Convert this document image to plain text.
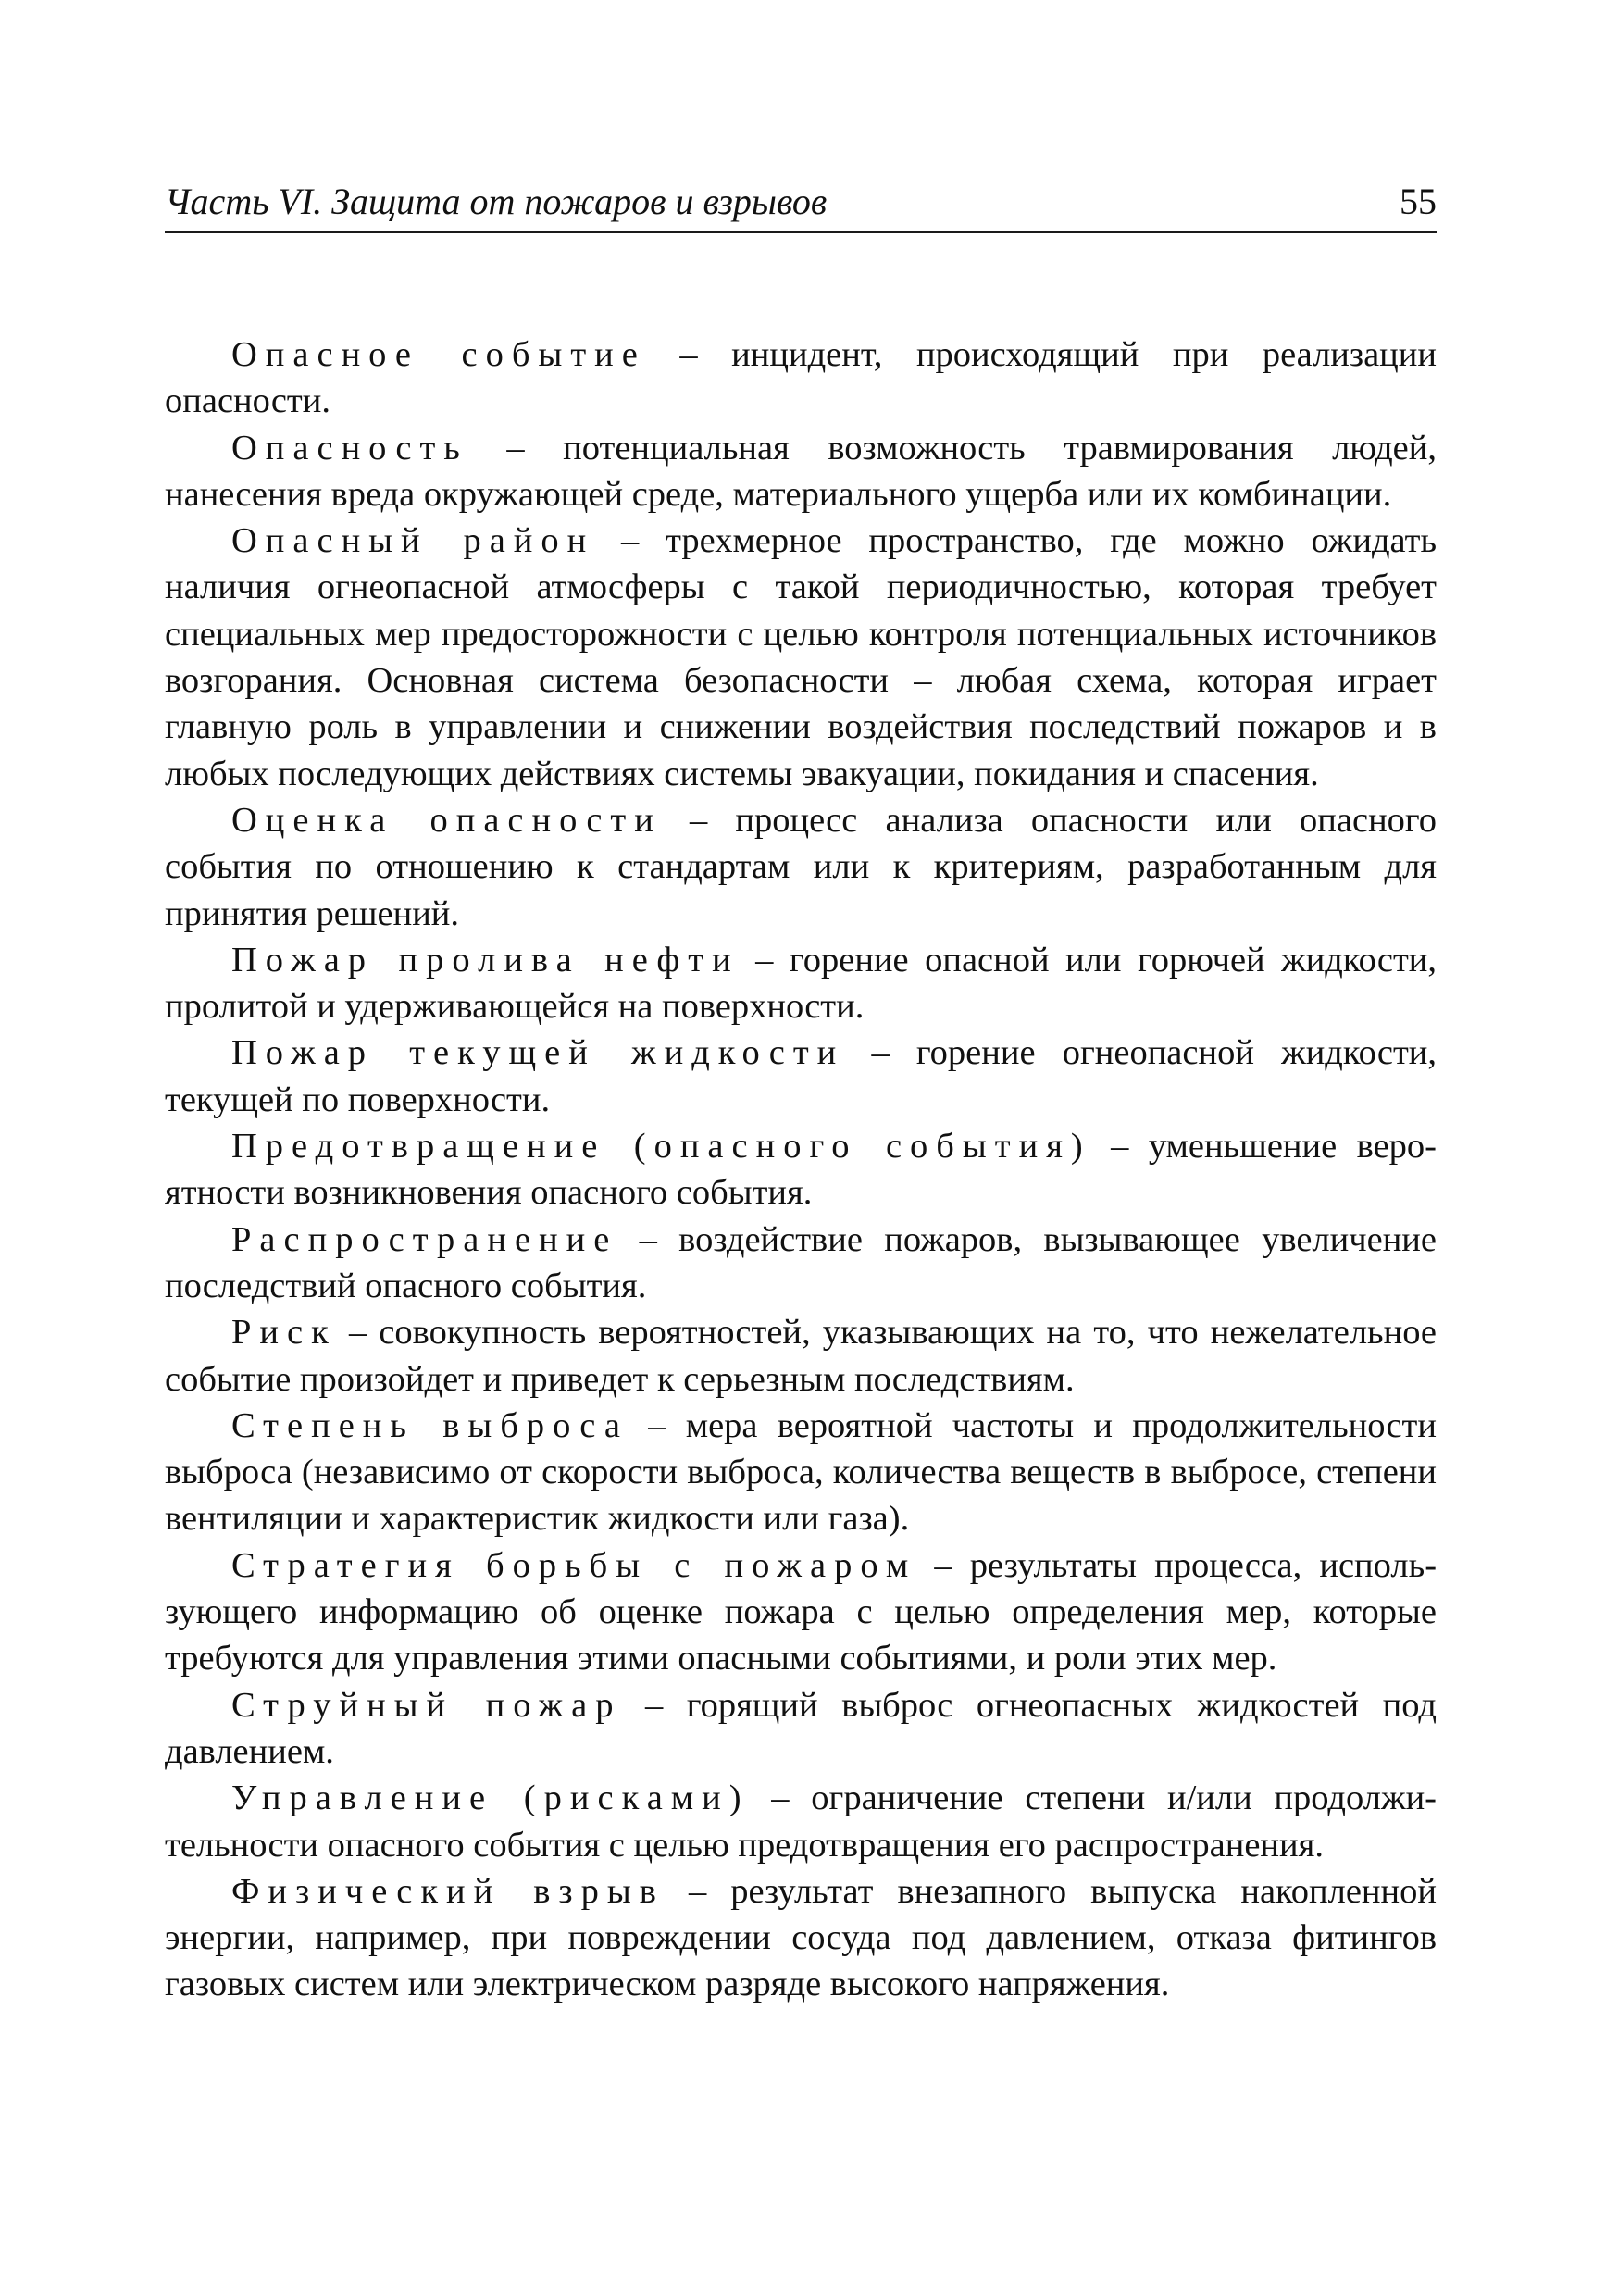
Часть VI. Защита от пожаров и взрывов	55

Опасное событие – инцидент, происходящий при реализации опасности.

Опасность – потенциальная возможность травмирования людей, нанесения вреда окружающей среде, материального ущерба или их комбинации.

Опасный район – трехмерное пространство, где можно ожидать наличия огнеопасной атмосферы с такой периодичностью, которая требует специальных мер предосторожности с целью контроля потенциальных источников возгорания. Основная система безопасности – любая схема, которая играет главную роль в управлении и снижении воздействия последствий пожаров и в любых последующих действиях системы эвакуации, покидания и спасения.

Оценка опасности – процесс анализа опасности или опасного события по отношению к стандартам или к критериям, разработанным для принятия решений.

Пожар пролива нефти – горение опасной или горючей жидкости, пролитой и удерживающейся на поверхности.

Пожар текущей жидкости – горение огнеопасной жидкости, текущей по поверхности.

Предотвращение (опасного события) – уменьшение вероятности возникновения опасного события.

Распространение – воздействие пожаров, вызывающее увеличение последствий опасного события.

Риск – совокупность вероятностей, указывающих на то, что нежелательное событие произойдет и приведет к серьезным последствиям.

Степень выброса – мера вероятной частоты и продолжительности выброса (независимо от скорости выброса, количества веществ в выбросе, степени вентиляции и характеристик жидкости или газа).

Стратегия борьбы с пожаром – результаты процесса, использующего информацию об оценке пожара с целью определения мер, которые требуются для управления этими опасными событиями, и роли этих мер.

Струйный пожар – горящий выброс огнеопасных жидкостей под давлением.

Управление (рисками) – ограничение степени и/или продолжительности опасного события с целью предотвращения его распространения.

Физический взрыв – результат внезапного выпуска накопленной энергии, например, при повреждении сосуда под давлением, отказа фитингов газовых систем или электрическом разряде высокого напряжения.
